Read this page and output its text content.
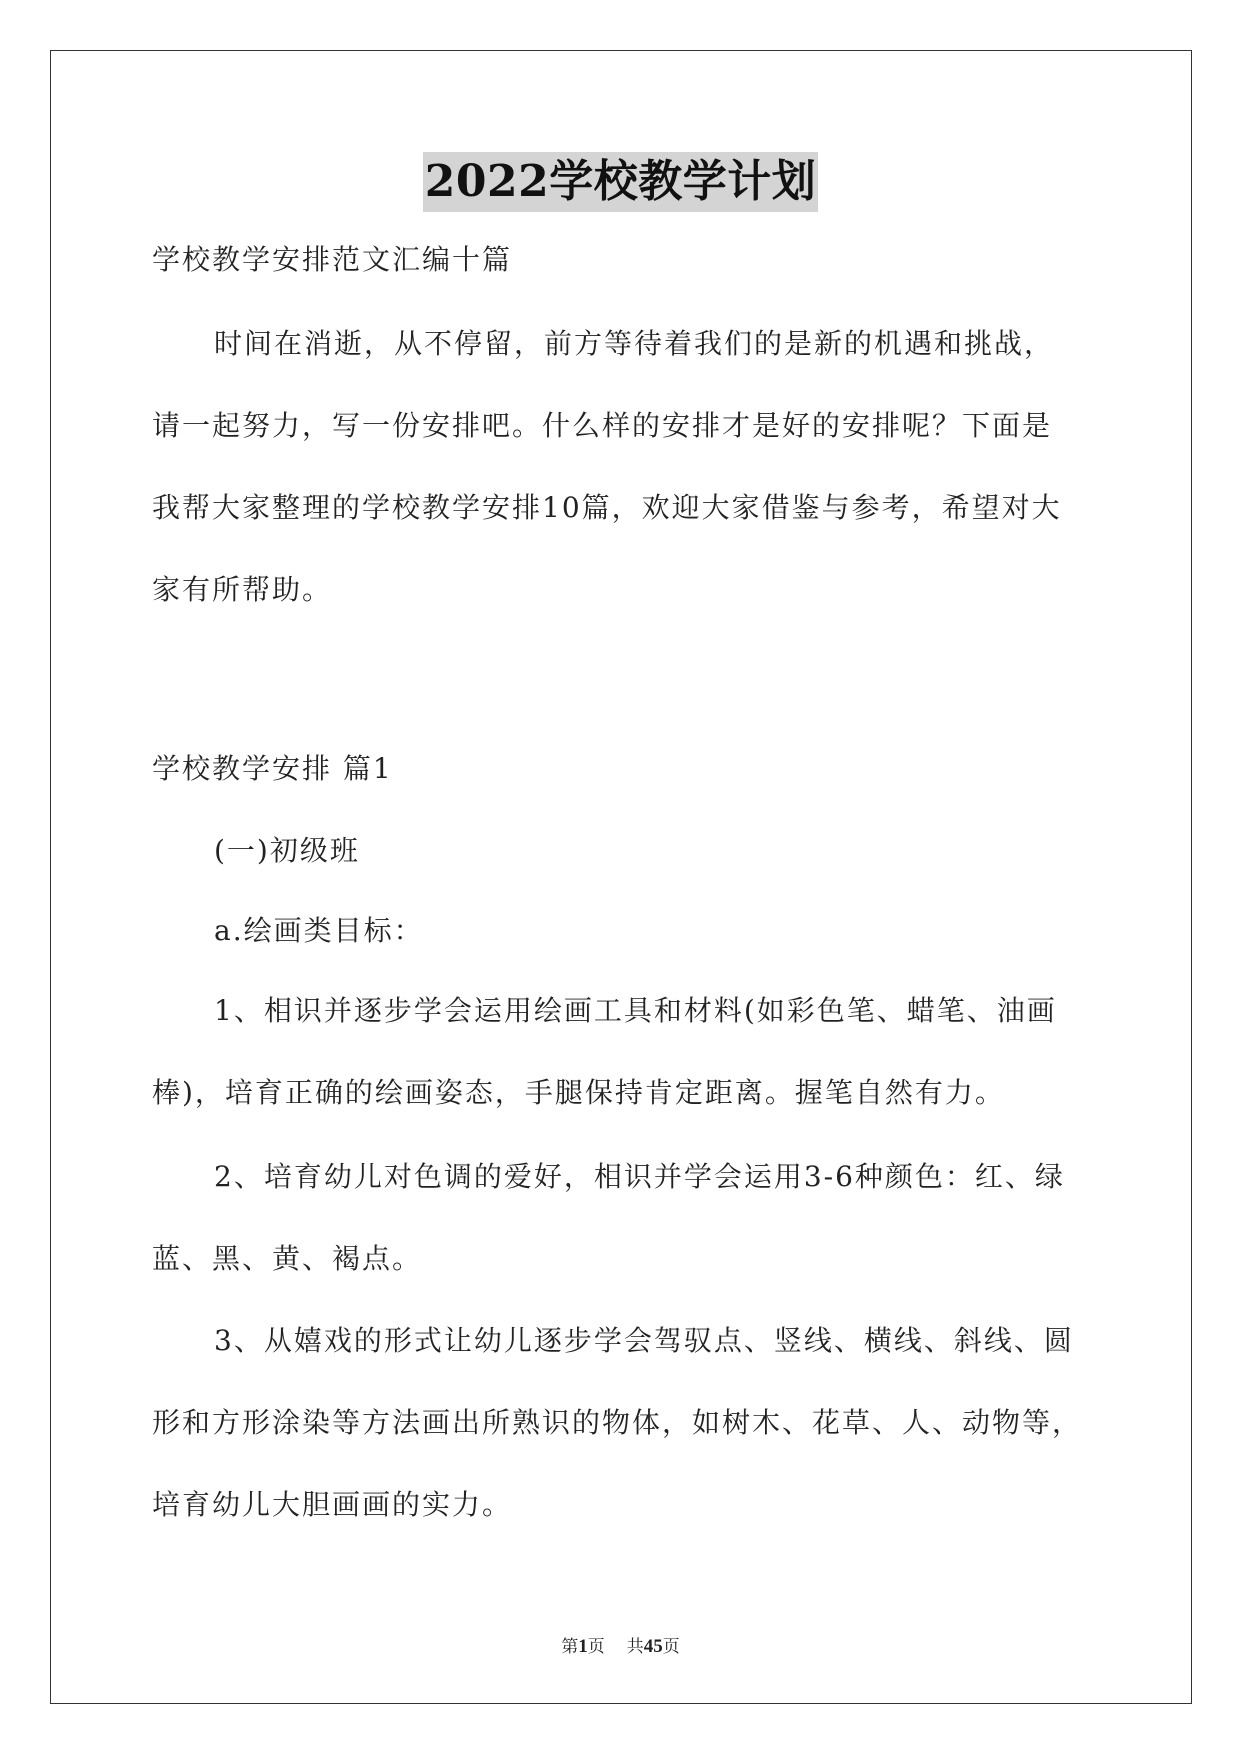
2022学校教学计划

学校教学安排范文汇编十篇

时间在消逝，从不停留，前方等待着我们的是新的机遇和挑战，
请一起努力，写一份安排吧。什么样的安排才是好的安排呢？下面是
我帮大家整理的学校教学安排10篇，欢迎大家借鉴与参考，希望对大
家有所帮助。

学校教学安排 篇1

(一)初级班

a.绘画类目标：

1、相识并逐步学会运用绘画工具和材料(如彩色笔、蜡笔、油画
棒)，培育正确的绘画姿态，手腿保持肯定距离。握笔自然有力。

2、培育幼儿对色调的爱好，相识并学会运用3-6种颜色：红、绿
蓝、黑、黄、褐点。

3、从嬉戏的形式让幼儿逐步学会驾驭点、竖线、横线、斜线、圆
形和方形涂染等方法画出所熟识的物体，如树木、花草、人、动物等，
培育幼儿大胆画画的实力。

第1页 共45页
